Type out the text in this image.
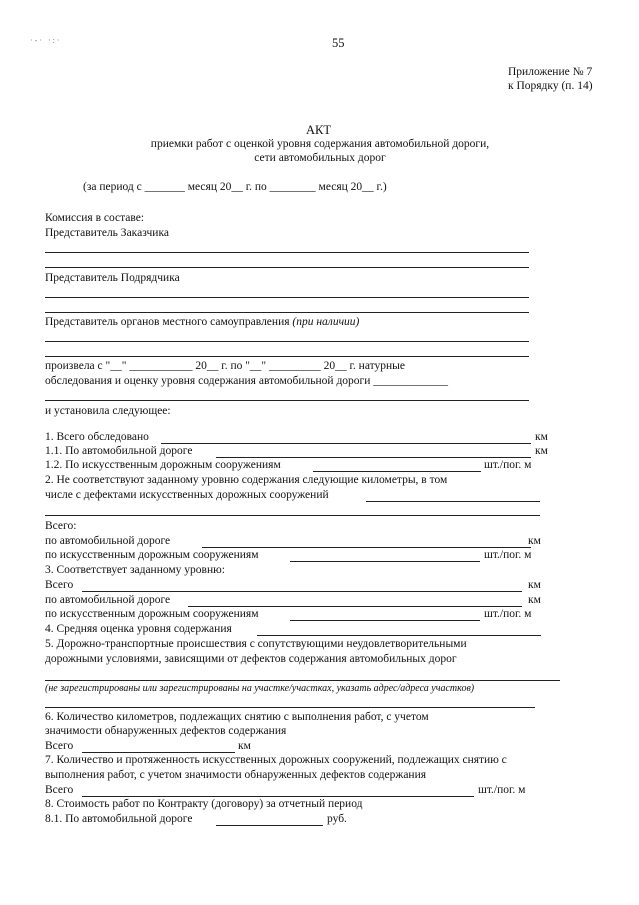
·-· ·:·	55
Приложение № 7
к Порядку (п. 14)
АКТ
приемки работ с оценкой уровня содержания автомобильной дороги,
сети автомобильных дорог
(за период с _______ месяц 20__ г. по ________ месяц 20__ г.)
Комиссия в составе:
Представитель Заказчика
Представитель Подрядчика
Представитель органов местного самоуправления (при наличии)
произвела с "__" ___________ 20__ г. по "__" _________ 20__ г. натурные
обследования и оценку уровня содержания автомобильной дороги _____________
и установила следующее:
1. Всего обследовано	км
1.1. По автомобильной дороге	км
1.2. По искусственным дорожным сооружениям	шт./пог. м
2. Не соответствуют заданному уровню содержания следующие километры, в том
числе с дефектами искусственных дорожных сооружений
Всего:
по автомобильной дороге	км
по искусственным дорожным сооружениям	шт./пог. м
3. Соответствует заданному уровню:
Всего	км
по автомобильной дороге	км
по искусственным дорожным сооружениям	шт./пог. м
4. Средняя оценка уровня содержания
5. Дорожно-транспортные происшествия с сопутствующими неудовлетворительными
дорожными условиями, зависящими от дефектов содержания автомобильных дорог
(не зарегистрированы или зарегистрированы на участке/участках, указать адрес/адреса участков)
6. Количество километров, подлежащих снятию с выполнения работ, с учетом
значимости обнаруженных дефектов содержания
Всего	км
7. Количество и протяженность искусственных дорожных сооружений, подлежащих снятию с
выполнения работ, с учетом значимости обнаруженных дефектов содержания
Всего	шт./пог. м
8. Стоимость работ по Контракту (договору) за отчетный период
8.1. По автомобильной дороге	руб.
